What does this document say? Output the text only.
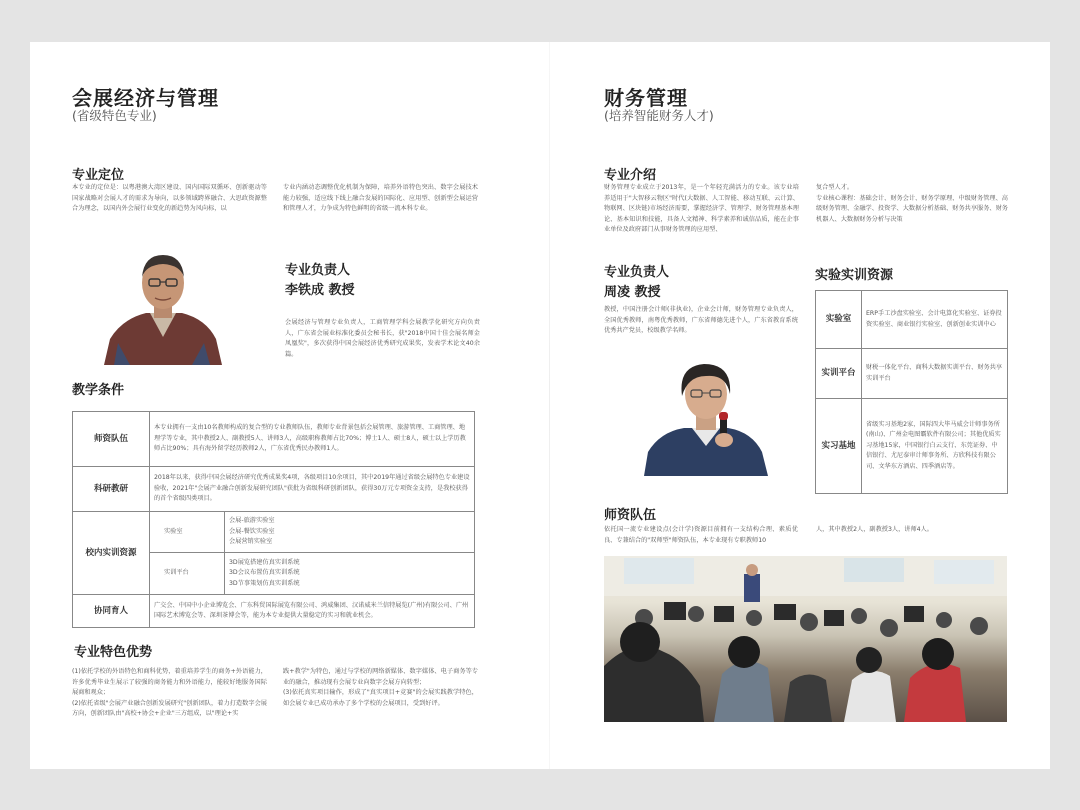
会展经济与管理
(省级特色专业)
专业定位
本专业的定位是：以粤港澳大湾区建设、国内国际双循环、创新驱动等国家战略对会展人才的需求为导向，以多领域跨界融合、大思政资源整合为理念，以国内外会展行业变化的新趋势为风向标，以
专业内涵动态调整优化机制为保障，培养外语特色突出、数字会展技术能力较强，适应线下线上融合发展的国际化、应用型、创新型会展运营和管理人才，力争成为特色鲜明的省级一流本科专业。
专业负责人
李铁成 教授
会展经济与管理专业负责人，工商管理学科会展教学化研究方向负责人，广东省会展业标准化委员会秘书长，获"2018中国十佳会展名师金凤凰奖"，多次获得中国会展经济优秀研究成果奖，发表学术论文40余篇。
教学条件
师资队伍	本专业拥有一支由10名教师构成的复合型的专业教师队伍，教师专业背景包括会展管理、旅游管理、工商管理、地理学等专业，其中教授2人、副教授5人、讲师3人，高级职称教师占比70%；博士1人、硕士8人，硕士以上学历教师占比90%；具有海外留学经历教师2人，广东省优秀民办教师1人。	
科研教研	2018年以来，获得中国会展经济研究优秀成果奖4项，各级项目10余项目，其中2019年通过省级会展特色专业建设验收，2021年"会展产业融合创新发展研究团队"获批为省级科研创新团队，获得30万元专项资金支持，是我校获得的首个省级四类项目。	
校内实训资源	实验室	会展-旅游实验室
会展-餐饮实验室
会展营销实验室

	实训平台	3D展览搭建仿真实训系统
3D会议布置仿真实训系统
3D节事策划仿真实训系统

协同育人	广交会、中国中小企业博览会、广东科贸国际展览有限公司、鸿威集团、汉诺威米兰信特展览(广州)有限公司、广州国际艺术博览会等、深圳茶博会等，能为本专业提供大量稳定的实习和就业机会。	
专业特色优势
(1)依托学校的外语特色和商科优势，着重培养学生的商务+外语能力，许多优秀毕业生展示了较强的商务能力和外语能力，能较好地服务国际展商和观众；
(2)依托省级"会展产业融合创新发展研究"创新团队，着力打造数字会展方向，创新团队由"高校+协会+企业"三方组成，以"理论+实
践+教学"为特色，通过与学校的网络新媒体、数字媒体、电子商务等专业的融合，推动现有会展专业向数字会展方向转型；
(3)依托真实项目输作，形成了"真实项目+竞赛"的会展实践教学特色，如会展专业已成功承办了多个学校的会展项目，受到好评。
财务管理
(培养智能财务人才)
专业介绍
财务管理专业成立于2013年，是一个年轻充满活力的专业。该专业培养适用于"大智移云物区"时代(大数据、人工智能、移动互联、云计算、物联网、区块链)市场经济需要，掌握经济学、管理学、财务管理基本理论、基本知识和技能，具备人文精神、科学素养和诚信品质，能在企事业单位及政府部门从事财务管理的应用型、
复合型人才。
专业核心课程：基础会计、财务会计、财务学原理、中级财务管理、高级财务管理、金融学、投资学、大数据分析基础、财务共享服务、财务机器人、大数据财务分析与决策
专业负责人
周凌 教授
教授，中国注册会计师(非执业)，企业会计师，财务管理专业负责人，全国优秀教师，南粤优秀教师，广东省师德先进个人，广东省教育系统优秀共产党员，校级教学名师。
实验实训资源
实验室	ERP手工沙盘实验室、会计电算化实验室、证券投资实验室、商业银行实验室、创新创业实训中心
实训平台	财税一体化平台、商科大数据实训平台、财务共享实训平台
实习基地	省级实习基地2家，国际四大毕马威会计师事务所(南山)、广州金电图霸软件有限公司；其他优质实习基地15家，中国银行白云支行、东莞证券、中信银行、尤尼泰审计师事务所、方欣科技有限公司、文华东方酒店、四季酒店等。
师资队伍
依托国一流专业建设点(会计学)资源目前拥有一支结构合理、素质优良、专兼结合的"双师型"师资队伍，本专业现有专职教师10
人，其中教授2人，副教授3人，讲师4人。
